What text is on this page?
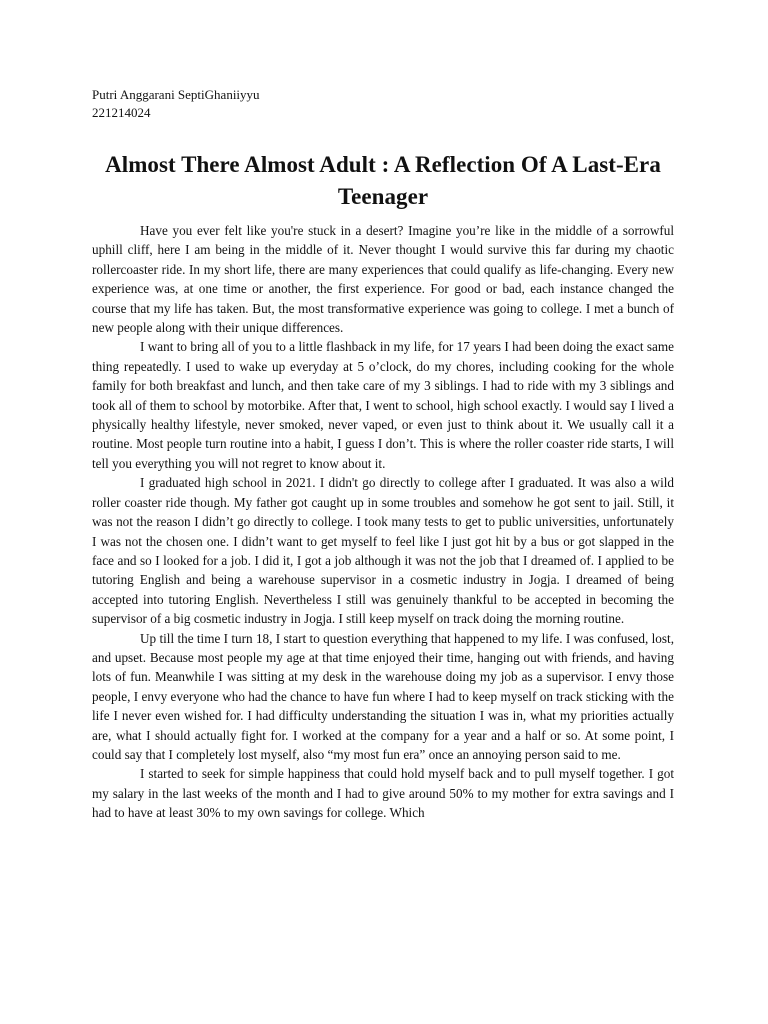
Putri Anggarani SeptiGhaniiyyu
221214024
Almost There Almost Adult : A Reflection Of A Last-Era Teenager

Have you ever felt like you're stuck in a desert? Imagine you’re like in the middle of a sorrowful uphill cliff, here I am being in the middle of it. Never thought I would survive this far during my chaotic rollercoaster ride. In my short life, there are many experiences that could qualify as life-changing. Every new experience was, at one time or another, the first experience. For good or bad, each instance changed the course that my life has taken. But, the most transformative experience was going to college. I met a bunch of new people along with their unique differences.

I want to bring all of you to a little flashback in my life, for 17 years I had been doing the exact same thing repeatedly. I used to wake up everyday at 5 o’clock, do my chores, including cooking for the whole family for both breakfast and lunch, and then take care of my 3 siblings. I had to ride with my 3 siblings and took all of them to school by motorbike. After that, I went to school, high school exactly. I would say I lived a physically healthy lifestyle, never smoked, never vaped, or even just to think about it. We usually call it a routine. Most people turn routine into a habit, I guess I don’t. This is where the roller coaster ride starts, I will tell you everything you will not regret to know about it.

I graduated high school in 2021. I didn't go directly to college after I graduated. It was also a wild roller coaster ride though. My father got caught up in some troubles and somehow he got sent to jail. Still, it was not the reason I didn’t go directly to college. I took many tests to get to public universities, unfortunately I was not the chosen one. I didn’t want to get myself to feel like I just got hit by a bus or got slapped in the face and so I looked for a job. I did it, I got a job although it was not the job that I dreamed of. I applied to be tutoring English and being a warehouse supervisor in a cosmetic industry in Jogja. I dreamed of being accepted into tutoring English. Nevertheless I still was genuinely thankful to be accepted in becoming the supervisor of a big cosmetic industry in Jogja. I still keep myself on track doing the morning routine.

Up till the time I turn 18, I start to question everything that happened to my life. I was confused, lost, and upset. Because most people my age at that time enjoyed their time, hanging out with friends, and having lots of fun. Meanwhile I was sitting at my desk in the warehouse doing my job as a supervisor. I envy those people, I envy everyone who had the chance to have fun where I had to keep myself on track sticking with the life I never even wished for. I had difficulty understanding the situation I was in, what my priorities actually are, what I should actually fight for. I worked at the company for a year and a half or so. At some point, I could say that I completely lost myself, also “my most fun era” once an annoying person said to me.

I started to seek for simple happiness that could hold myself back and to pull myself together. I got my salary in the last weeks of the month and I had to give around 50% to my mother for extra savings and I had to have at least 30% to my own savings for college. Which
